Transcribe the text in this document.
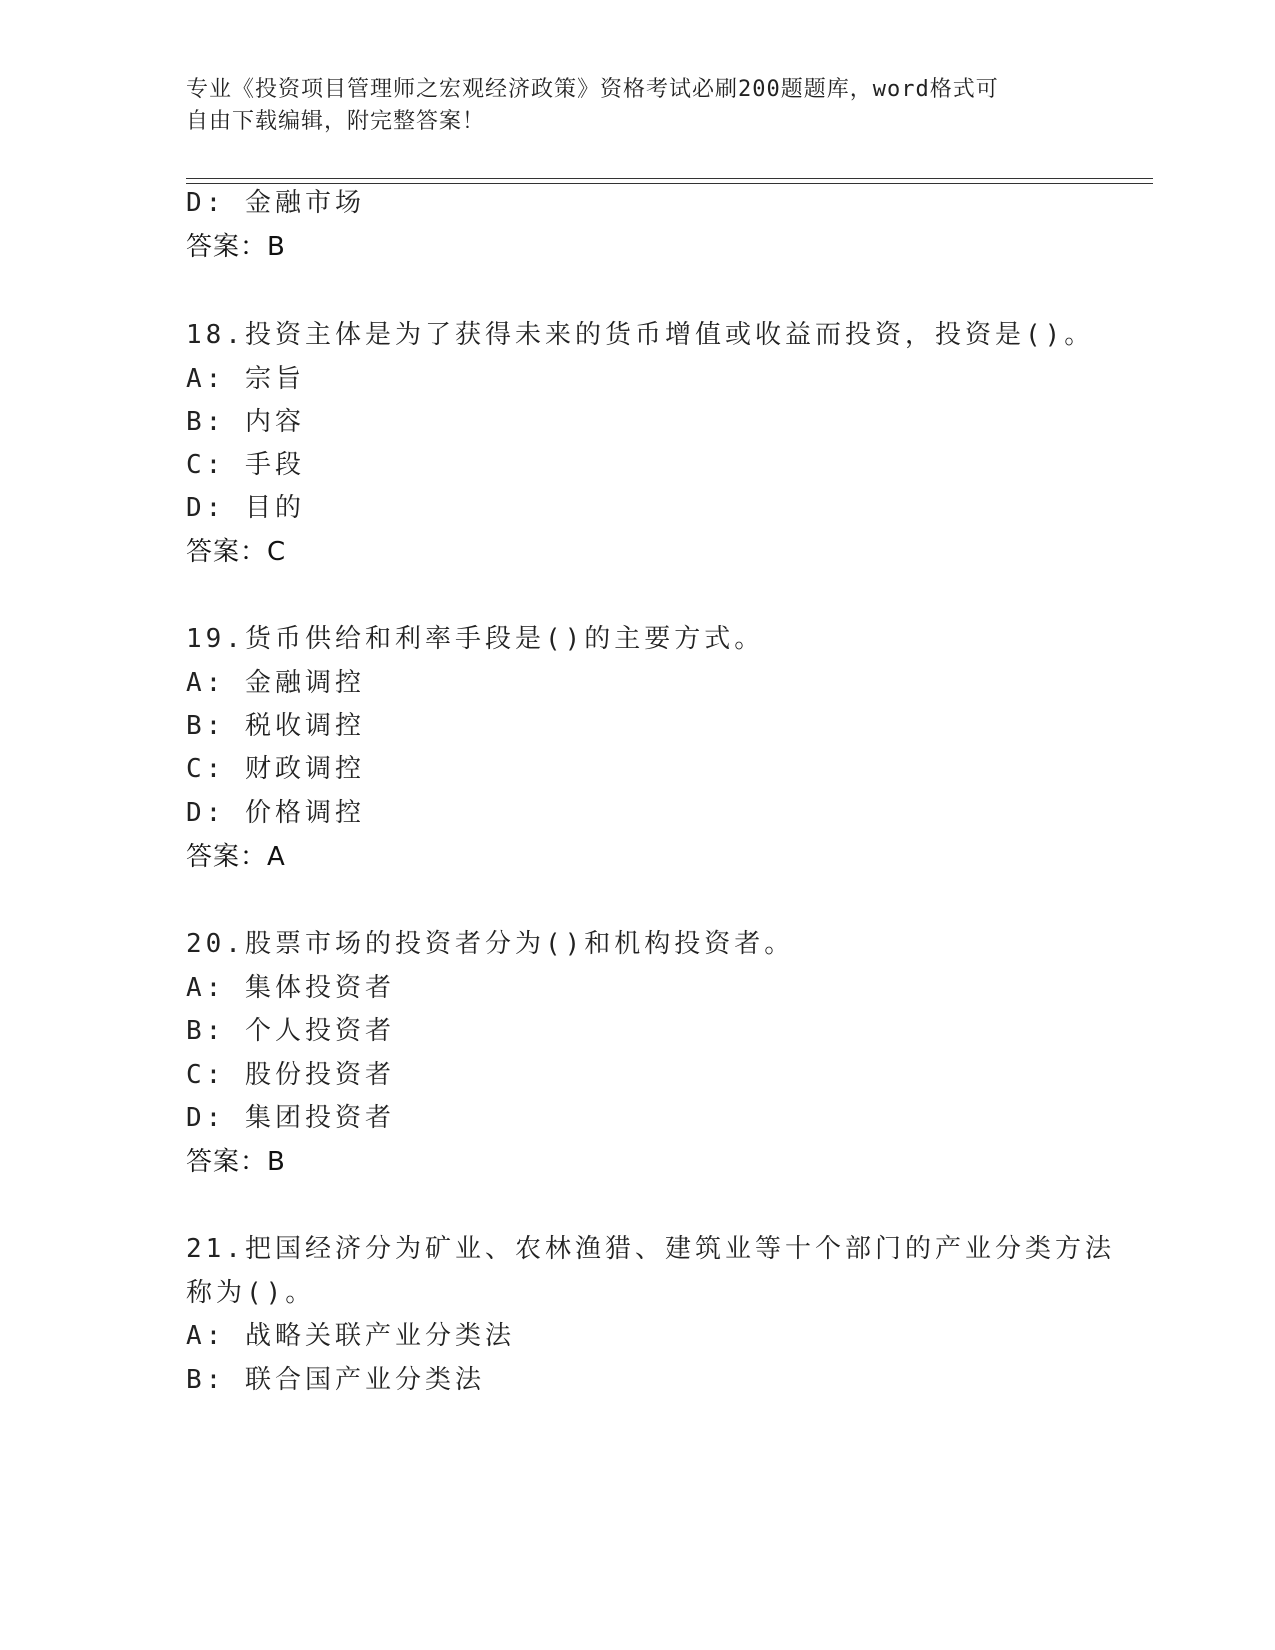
专业《投资项目管理师之宏观经济政策》资格考试必刷200题题库，word格式可
自由下载编辑，附完整答案！
D: 金融市场
答案：B
18.投资主体是为了获得未来的货币增值或收益而投资，投资是()。
A: 宗旨
B: 内容
C: 手段
D: 目的
答案：C
19.货币供给和利率手段是()的主要方式。
A: 金融调控
B: 税收调控
C: 财政调控
D: 价格调控
答案：A
20.股票市场的投资者分为()和机构投资者。
A: 集体投资者
B: 个人投资者
C: 股份投资者
D: 集团投资者
答案：B
21.把国经济分为矿业、农林渔猎、建筑业等十个部门的产业分类方法
称为()。
A: 战略关联产业分类法
B: 联合国产业分类法
